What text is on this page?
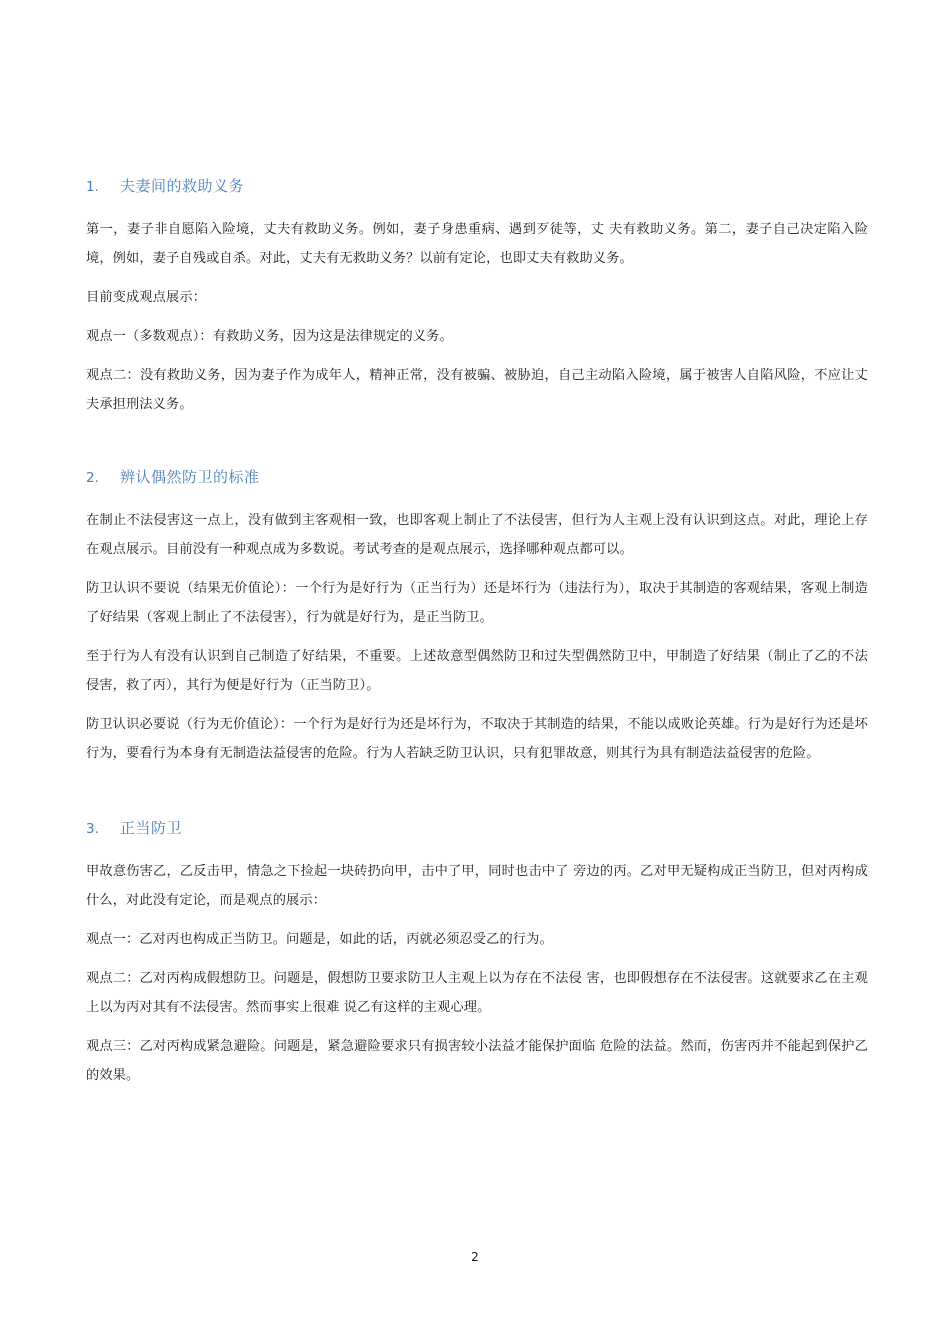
1.	夫妻间的救助义务

第一，妻子非自愿陷入险境，丈夫有救助义务。例如，妻子身患重病、遇到歹徒等，丈 夫有救助义务。第二，妻子自己决定陷入险境，例如，妻子自残或自杀。对此，丈夫有无救助义务？以前有定论，也即丈夫有救助义务。

目前变成观点展示：

观点一（多数观点）：有救助义务，因为这是法律规定的义务。

观点二：没有救助义务，因为妻子作为成年人，精神正常，没有被骗、被胁迫，自己主动陷入险境，属于被害人自陷风险，不应让丈夫承担刑法义务。

2.	辨认偶然防卫的标准

在制止不法侵害这一点上，没有做到主客观相一致，也即客观上制止了不法侵害，但行为人主观上没有认识到这点。对此，理论上存在观点展示。目前没有一种观点成为多数说。考试考查的是观点展示，选择哪种观点都可以。

防卫认识不要说（结果无价值论）：一个行为是好行为（正当行为）还是坏行为（违法行为），取决于其制造的客观结果，客观上制造了好结果（客观上制止了不法侵害），行为就是好行为，是正当防卫。

至于行为人有没有认识到自己制造了好结果，不重要。上述故意型偶然防卫和过失型偶然防卫中，甲制造了好结果（制止了乙的不法侵害，救了丙），其行为便是好行为（正当防卫）。

防卫认识必要说（行为无价值论）：一个行为是好行为还是坏行为，不取决于其制造的结果，不能以成败论英雄。行为是好行为还是坏行为，要看行为本身有无制造法益侵害的危险。行为人若缺乏防卫认识，只有犯罪故意，则其行为具有制造法益侵害的危险。

3.	正当防卫

甲故意伤害乙，乙反击甲，情急之下捡起一块砖扔向甲，击中了甲，同时也击中了 旁边的丙。乙对甲无疑构成正当防卫，但对丙构成什么，对此没有定论，而是观点的展示：

观点一：乙对丙也构成正当防卫。问题是，如此的话，丙就必须忍受乙的行为。

观点二：乙对丙构成假想防卫。问题是，假想防卫要求防卫人主观上以为存在不法侵 害，也即假想存在不法侵害。这就要求乙在主观上以为丙对其有不法侵害。然而事实上很难 说乙有这样的主观心理。

观点三：乙对丙构成紧急避险。问题是，紧急避险要求只有损害较小法益才能保护面临 危险的法益。然而，伤害丙并不能起到保护乙的效果。

2
